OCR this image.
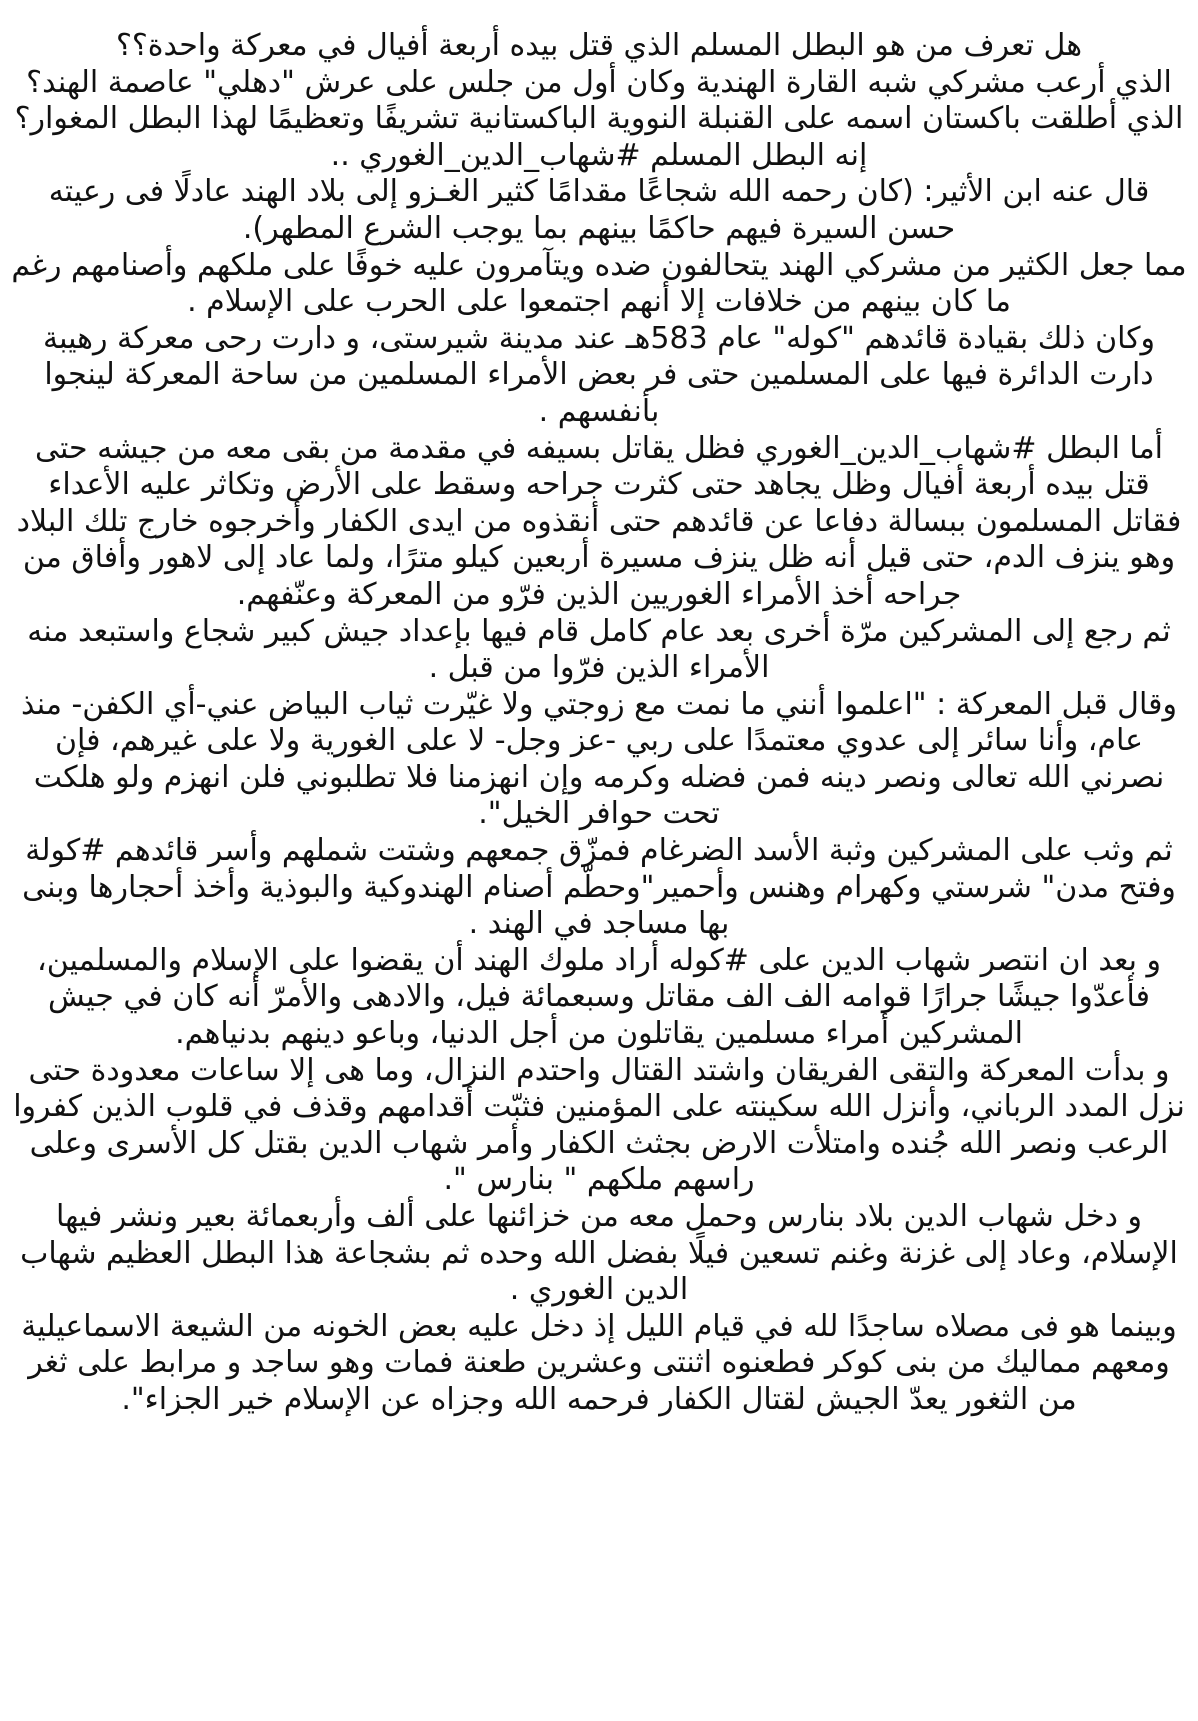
هل تعرف من هو البطل المسلم الذي قتل بيده أربعة أفيال في معركة واحدة؟؟

الذي أرعب مشركي شبه القارة الهندية وكان أول من جلس على عرش "دهلي" عاصمة الهند؟

الذي أطلقت باكستان اسمه على القنبلة النووية الباكستانية تشريفًا وتعظيمًا لهذا البطل المغوار؟

إنه البطل المسلم #شهاب_الدين_الغوري ..

قال عنه ابن الأثير: (كان رحمه الله شجاعًا مقدامًا كثير الغـزو إلى بلاد الهند عادلًا فى رعيته حسن السيرة فيهم حاكمًا بينهم بما يوجب الشرع المطهر).

مما جعل الكثير من مشركي الهند يتحالفون ضده ويتآمرون عليه خوفًا على ملكهم وأصنامهم رغم ما كان بينهم من خلافات إلا أنهم اجتمعوا على الحرب على الإسلام .

وكان ذلك بقيادة قائدهم "كوله" عام 583هـ عند مدينة شيرستى، و دارت رحى معركة رهيبة دارت الدائرة فيها على المسلمين حتى فر بعض الأمراء المسلمين من ساحة المعركة لينجوا بأنفسهم .

أما البطل #شهاب_الدين_الغوري فظل يقاتل بسيفه في مقدمة من بقى معه من جيشه حتى قتل بيده أربعة أفيال وظل يجاهد حتى كثرت جراحه وسقط على الأرض وتكاثر عليه الأعداء فقاتل المسلمون ببسالة دفاعا عن قائدهم حتى أنقذوه من ايدى الكفار وأخرجوه خارج تلك البلاد وهو ينزف الدم، حتى قيل أنه ظل ينزف مسيرة أربعين كيلو مترًا، ولما عاد إلى لاهور وأفاق من جراحه أخذ الأمراء الغوريين الذين فرّو من المعركة وعنّفهم.

ثم رجع إلى المشركين مرّة أخرى بعد عام كامل قام فيها بإعداد جيش كبير شجاع واستبعد منه الأمراء الذين فرّوا من قبل .

وقال قبل المعركة : "اعلموا أنني ما نمت مع زوجتي ولا غيّرت ثياب البياض عني-أي الكفن- منذ عام، وأنا سائر إلى عدوي معتمدًا على ربي -عز وجل- لا على الغورية ولا على غيرهم، فإن نصرني الله تعالى ونصر دينه فمن فضله وكرمه وإن انهزمنا فلا تطلبوني فلن انهزم ولو هلكت تحت حوافر الخيل".

ثم وثب على المشركين وثبة الأسد الضرغام فمزّق جمعهم وشتت شملهم وأسر قائدهم #كولة وفتح مدن" شرستي وكهرام وهنس وأحمير"وحطّم أصنام الهندوكية والبوذية وأخذ أحجارها وبنى بها مساجد في الهند .

و بعد ان انتصر شهاب الدين على #كوله أراد ملوك الهند أن يقضوا على الإسلام والمسلمين، فأعدّوا جيشًا جرارًا قوامه الف الف مقاتل وسبعمائة فيل، والادهى والأمرّ أنه كان في جيش المشركين أمراء مسلمين يقاتلون من أجل الدنيا، وباعو دينهم بدنياهم.

و بدأت المعركة والتقى الفريقان واشتد القتال واحتدم النزال، وما هى إلا ساعات معدودة حتى نزل المدد الرباني، وأنزل الله سكينته على المؤمنين فثبّت أقدامهم وقذف في قلوب الذين كفروا الرعب ونصر الله جُنده وامتلأت الارض بجثث الكفار وأمر شهاب الدين بقتل كل الأسرى وعلى راسهم ملكهم " بنارس ".

و دخل شهاب الدين بلاد بنارس وحمل معه من خزائنها على ألف وأربعمائة بعير ونشر فيها الإسلام، وعاد إلى غزنة وغنم تسعين فيلًا بفضل الله وحده ثم بشجاعة هذا البطل العظيم شهاب الدين الغوري .

وبينما هو فى مصلاه ساجدًا لله في قيام الليل إذ دخل عليه بعض الخونه من الشيعة الاسماعيلية ومعهم مماليك من بنى كوكر فطعنوه اثنتى وعشرين طعنة فمات وهو ساجد و مرابط على ثغر من الثغور يعدّ الجيش لقتال الكفار فرحمه الله وجزاه عن الإسلام خير الجزاء".
